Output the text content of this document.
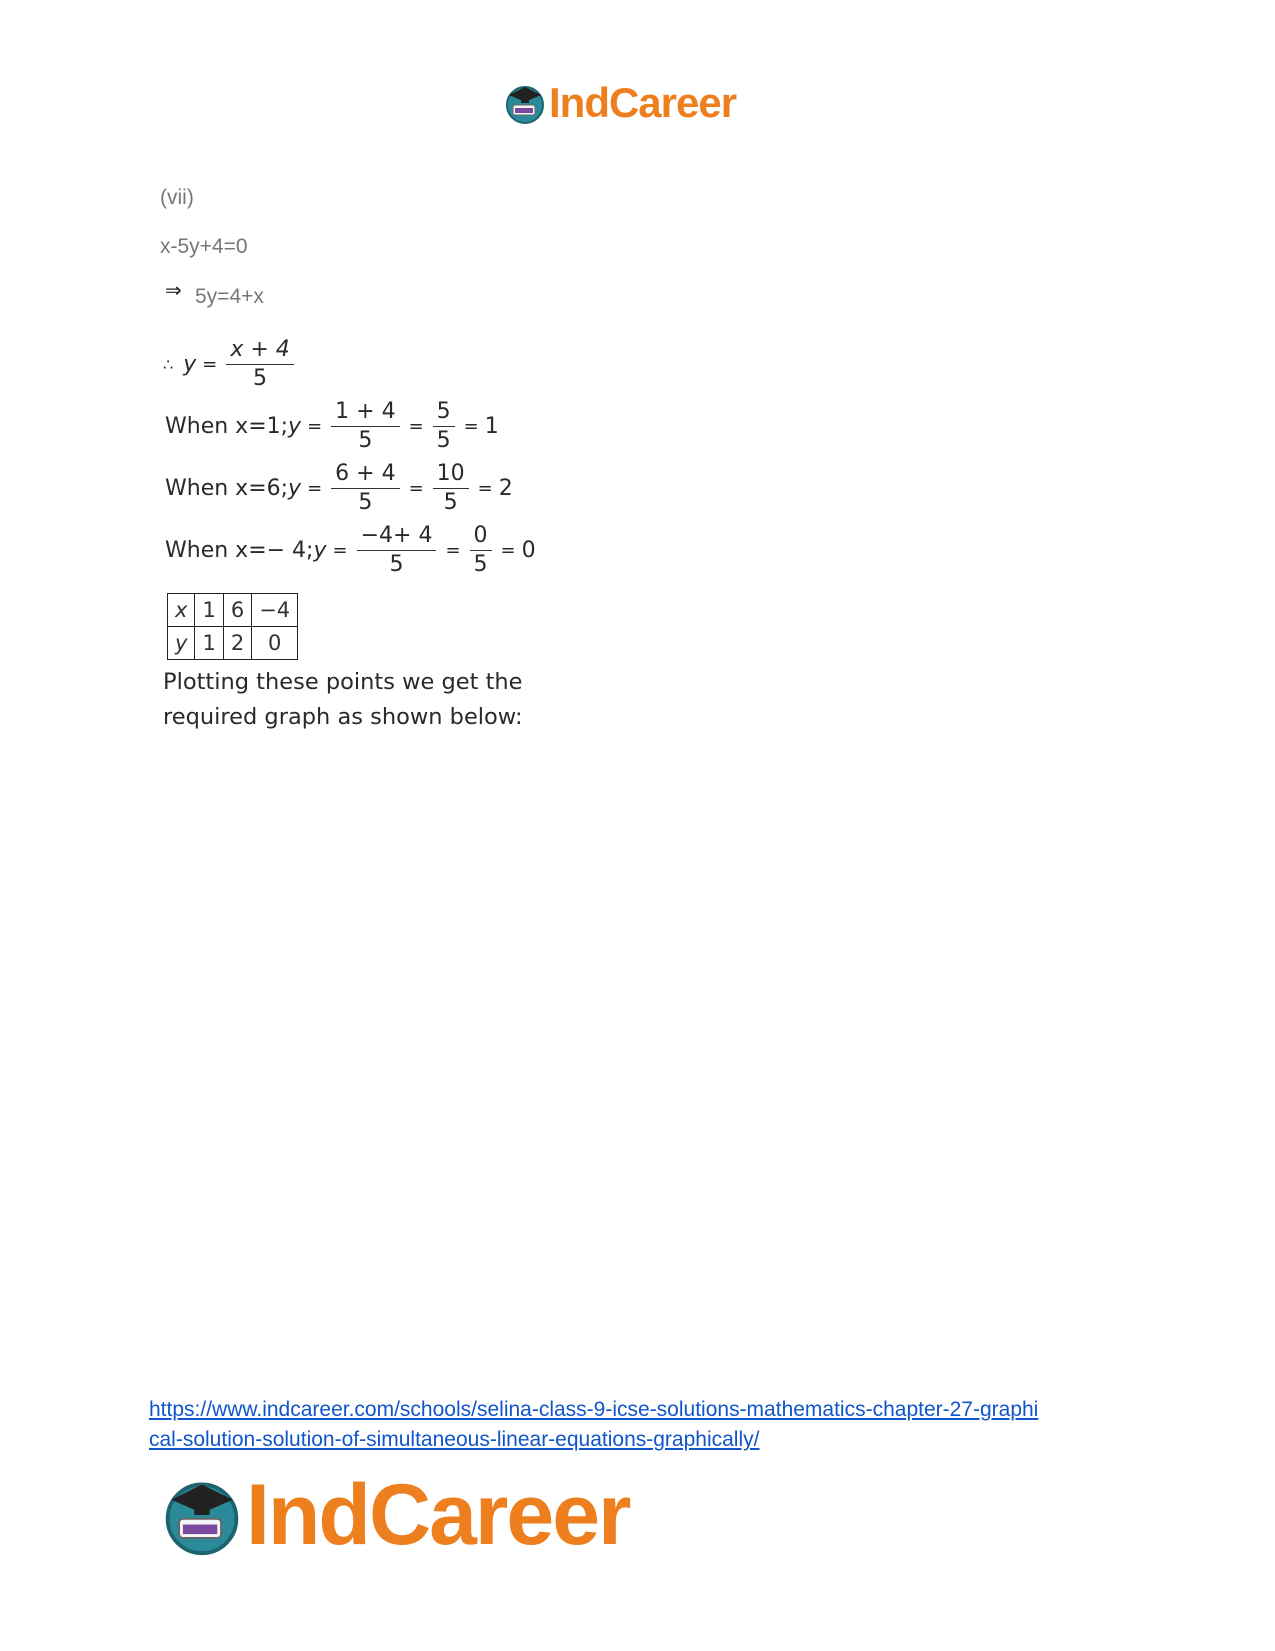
IndCareer
(vii)
x-5y+4=0
⇒ 5y=4+x
∴ $y = \frac{x + 4}{5}$
When x=1; $y = \frac{1 + 4}{5} = \frac{5}{5} = 1$
When x=6; $y = \frac{6 + 4}{5} = \frac{10}{5} = 2$
When x=− 4; $y = \frac{-4+ 4}{5} = \frac{0}{5} = 0$
x	1	6	−4
y	1	2	0
Plotting these points we get the
required graph as shown below:
https://www.indcareer.com/schools/selina-class-9-icse-solutions-mathematics-chapter-27-graphi
cal-solution-solution-of-simultaneous-linear-equations-graphically/
IndCareer
